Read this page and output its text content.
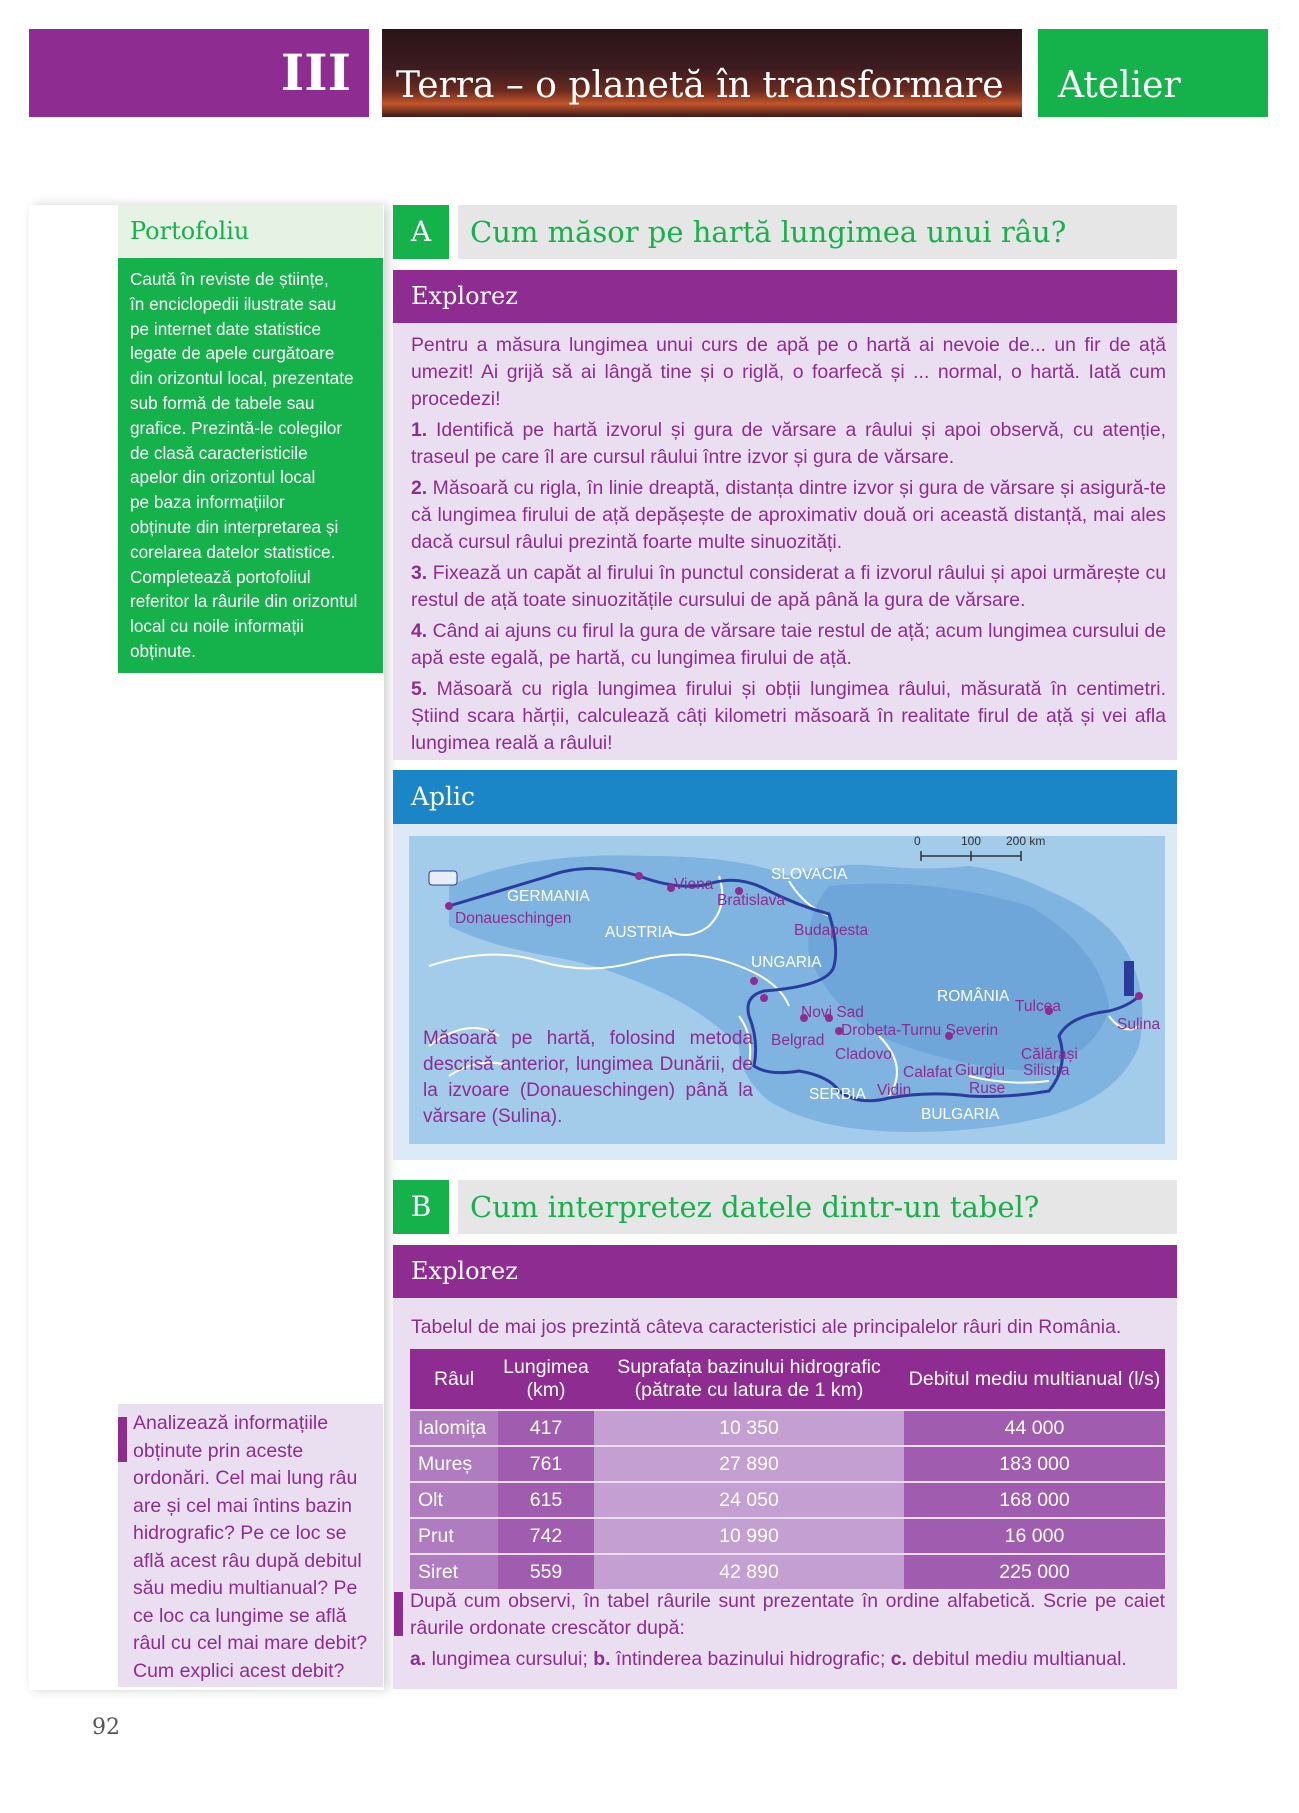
III Terra – o planetă în transformare Atelier
Portofoliu

Caută în reviste de științe,
în enciclopedii ilustrate sau
pe internet date statistice
legate de apele curgătoare
din orizontul local, prezentate
sub formă de tabele sau
grafice. Prezintă-le colegilor
de clasă caracteristicile
apelor din orizontul local
pe baza informațiilor
obținute din interpretarea și
corelarea datelor statistice.
Completează portofoliul
referitor la râurile din orizontul
local cu noile informații
obținute.

Analizează informațiile obținute prin aceste ordonări. Cel mai lung râu are și cel mai întins bazin hidrografic? Pe ce loc se află acest râu după debitul său mediu multianual? Pe ce loc ca lungime se află râul cu cel mai mare debit? Cum explici acest debit?

A	Cum măsor pe hartă lungimea unui râu?
Explorez

Pentru a măsura lungimea unui curs de apă pe o hartă ai nevoie de... un fir de ață umezit! Ai grijă să ai lângă tine și o riglă, o foarfecă și ... normal, o hartă. Iată cum procedezi!

1. Identifică pe hartă izvorul și gura de vărsare a râului și apoi observă, cu atenție, traseul pe care îl are cursul râului între izvor și gura de vărsare.

2. Măsoară cu rigla, în linie dreaptă, distanța dintre izvor și gura de vărsare și asigură-te că lungimea firului de ață depășește de aproximativ două ori această distanță, mai ales dacă cursul râului prezintă foarte multe sinuozități.

3. Fixează un capăt al firului în punctul considerat a fi izvorul râului și apoi urmărește cu restul de ață toate sinuozitățile cursului de apă până la gura de vărsare.

4. Când ai ajuns cu firul la gura de vărsare taie restul de ață; acum lungimea cursului de apă este egală, pe hartă, cu lungimea firului de ață.

5. Măsoară cu rigla lungimea firului și obții lungimea râului, măsurată în centimetri. Știind scara hărții, calculează câți kilometri măsoară în realitate firul de ață și vei afla lungimea reală a râului!

Aplic
0	100 200 km
GERMANIA
AUSTRIA
SLOVACIA
UNGARIA
ROMÂNIA
SERBIA
BULGARIA
Donaueschingen
Viena
Bratislava
Budapesta
Novi Sad
Belgrad
Drobeta-Turnu Severin
Cladovo
Calafat
Vidin
Giurgiu
Ruse
Călărași
Silistra
Tulcea
Sulina
Măsoară pe hartă, folosind metoda descrisă anterior, lungimea Dunării, de la izvoare (Donaueschingen) până la vărsare (Sulina).
B	Cum interpretez datele dintr-un tabel?
Explorez
Tabelul de mai jos prezintă câteva caracteristici ale principalelor râuri din România.
Râul	Lungimea (km)	Suprafața bazinului hidrografic (pătrate cu latura de 1 km)	Debitul mediu multianual (l/s)
Ialomița	417	10 350	44 000
Mureș	761	27 890	183 000
Olt	615	24 050	168 000
Prut	742	10 990	16 000
Siret	559	42 890	225 000

După cum observi, în tabel râurile sunt prezentate în ordine alfabetică. Scrie pe caiet râurile ordonate crescător după:

a. lungimea cursului; b. întinderea bazinului hidrografic; c. debitul mediu multianual.
92
